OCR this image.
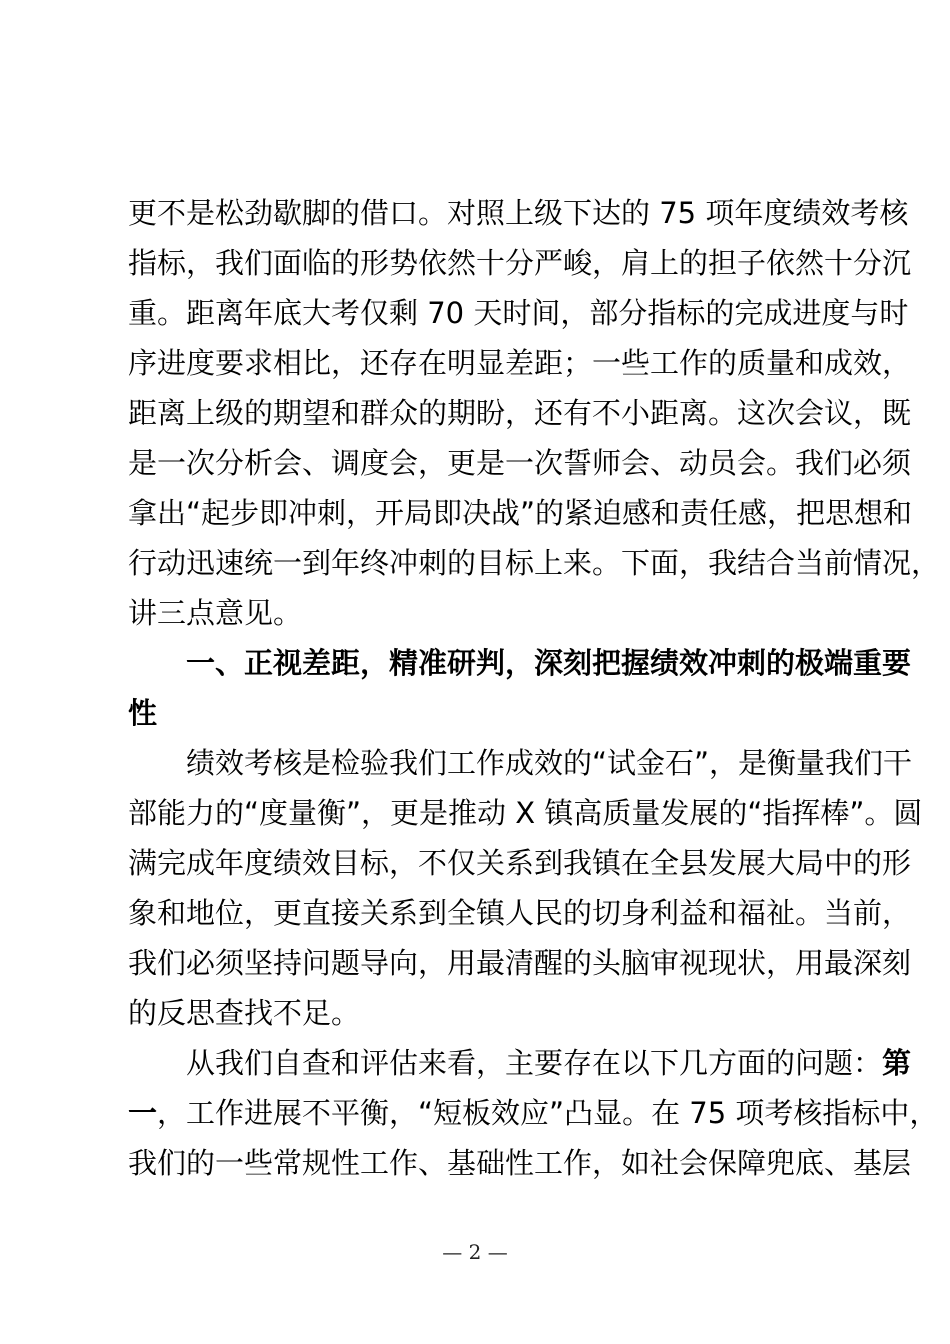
更不是松劲歇脚的借口。对照上级下达的 75 项年度绩效考核
指标，我们面临的形势依然十分严峻，肩上的担子依然十分沉
重。距离年底大考仅剩 70 天时间，部分指标的完成进度与时
序进度要求相比，还存在明显差距；一些工作的质量和成效，
距离上级的期望和群众的期盼，还有不小距离。这次会议，既
是一次分析会、调度会，更是一次誓师会、动员会。我们必须
拿出“起步即冲刺，开局即决战”的紧迫感和责任感，把思想和
行动迅速统一到年终冲刺的目标上来。下面，我结合当前情况，
讲三点意见。
一、正视差距，精准研判，深刻把握绩效冲刺的极端重要
性
绩效考核是检验我们工作成效的“试金石”，是衡量我们干
部能力的“度量衡”，更是推动 X 镇高质量发展的“指挥棒”。圆
满完成年度绩效目标，不仅关系到我镇在全县发展大局中的形
象和地位，更直接关系到全镇人民的切身利益和福祉。当前，
我们必须坚持问题导向，用最清醒的头脑审视现状，用最深刻
的反思查找不足。
从我们自查和评估来看，主要存在以下几方面的问题：第
一，工作进展不平衡，“短板效应”凸显。在 75 项考核指标中，
我们的一些常规性工作、基础性工作，如社会保障兜底、基层
— 2 —
